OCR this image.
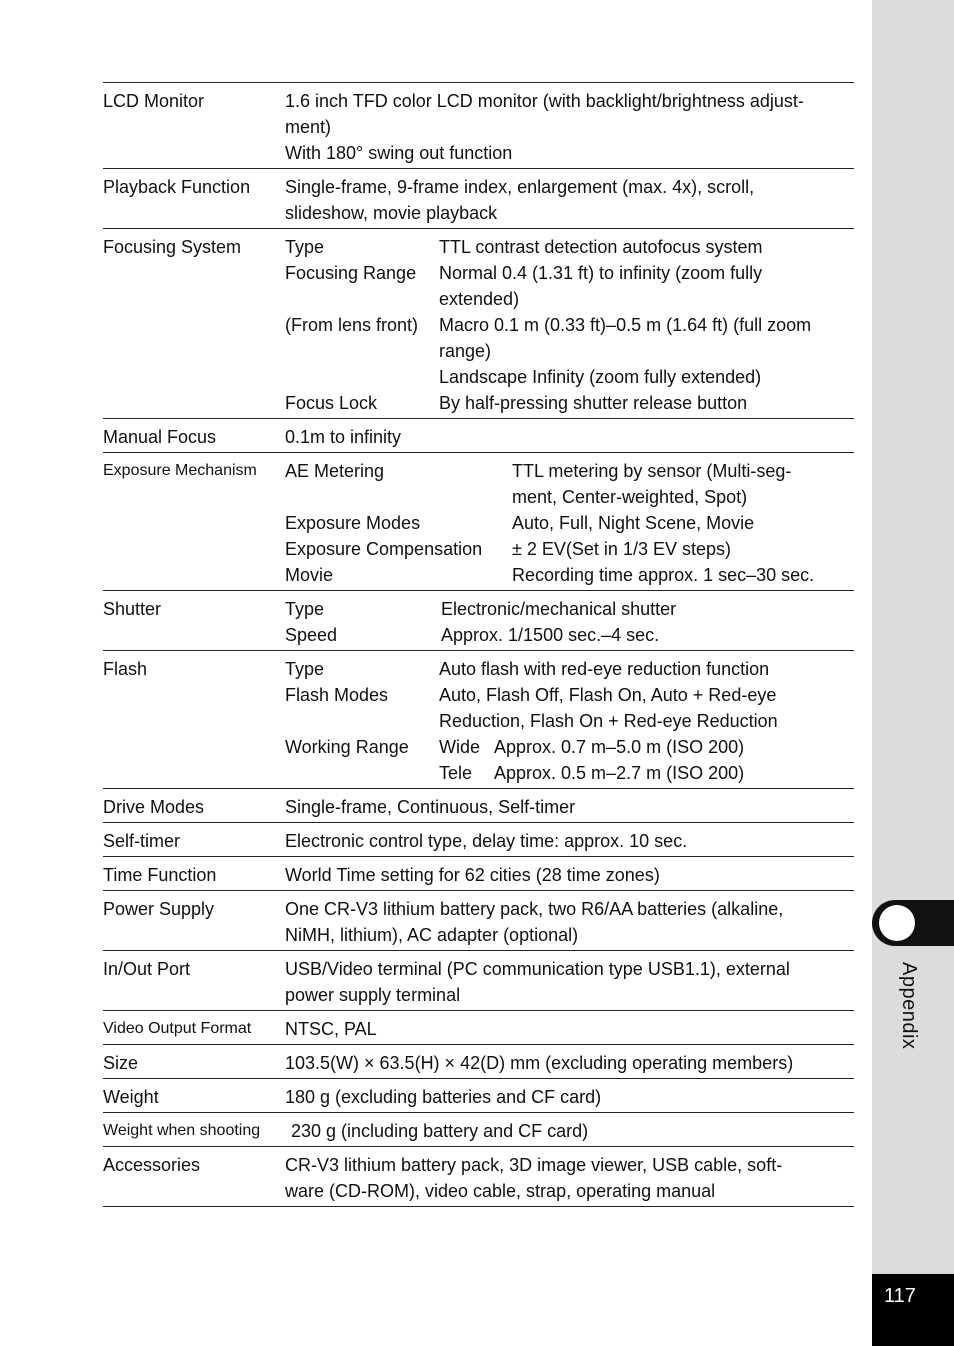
Appendix
117
LCD Monitor	1.6 inch TFD color LCD monitor (with backlight/brightness adjust-
ment)
With 180° swing out function
Playback Function	Single-frame, 9-frame index, enlargement (max. 4x), scroll,
slideshow, movie playback
Focusing System	Type	TTL contrast detection autofocus system
Focusing Range	Normal 0.4 (1.31 ft) to infinity (zoom fully
extended)
(From lens front)	Macro 0.1 m (0.33 ft)–0.5 m (1.64 ft) (full zoom
range)
Landscape Infinity (zoom fully extended)
Focus Lock	By half-pressing shutter release button
Manual Focus	0.1m to infinity
Exposure Mechanism	AE Metering	TTL metering by sensor (Multi-seg-
ment, Center-weighted, Spot)
Exposure Modes	Auto, Full, Night Scene, Movie
Exposure Compensation	± 2 EV(Set in 1/3 EV steps)
Movie	Recording time approx. 1 sec–30 sec.
Shutter	Type	Electronic/mechanical shutter
Speed	Approx. 1/1500 sec.–4 sec.
Flash	Type	Auto flash with red-eye reduction function
Flash Modes	Auto, Flash Off, Flash On, Auto + Red-eye
Reduction, Flash On + Red-eye Reduction
Working Range	Wide Approx. 0.7 m–5.0 m (ISO 200)
Tele	Approx. 0.5 m–2.7 m (ISO 200)
Drive Modes	Single-frame, Continuous, Self-timer
Self-timer	Electronic control type, delay time: approx. 10 sec.
Time Function	World Time setting for 62 cities (28 time zones)
Power Supply	One CR-V3 lithium battery pack, two R6/AA batteries (alkaline,
NiMH, lithium), AC adapter (optional)
In/Out Port	USB/Video terminal (PC communication type USB1.1), external
power supply terminal
Video Output Format	NTSC, PAL
Size	103.5(W) × 63.5(H) × 42(D) mm (excluding operating members)
Weight	180 g (excluding batteries and CF card)
Weight when shooting	230 g (including battery and CF card)
Accessories	CR-V3 lithium battery pack, 3D image viewer, USB cable, soft-
ware (CD-ROM), video cable, strap, operating manual
